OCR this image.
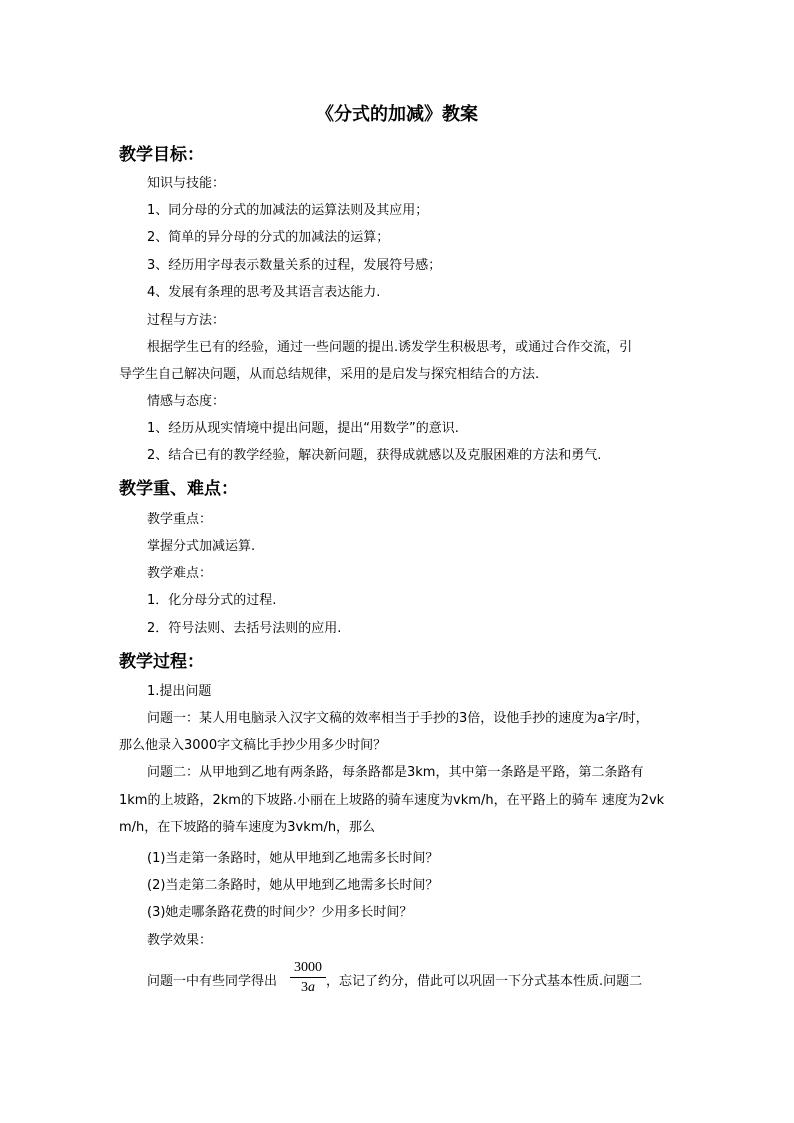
《分式的加减》教案
教学目标：
知识与技能：
1、同分母的分式的加减法的运算法则及其应用；
2、简单的异分母的分式的加减法的运算；
3、经历用字母表示数量关系的过程，发展符号感；
4、发展有条理的思考及其语言表达能力.
过程与方法：
根据学生已有的经验，通过一些问题的提出.诱发学生积极思考，或通过合作交流，引
导学生自己解决问题，从而总结规律，采用的是启发与探究相结合的方法.
情感与态度：
1、经历从现实情境中提出问题，提出“用数学”的意识.
2、结合已有的教学经验，解决新问题，获得成就感以及克服困难的方法和勇气.
教学重、难点：
教学重点：
掌握分式加减运算.
教学难点：
1．化分母分式的过程.
2．符号法则、去括号法则的应用.
教学过程：
1.提出问题
问题一：某人用电脑录入汉字文稿的效率相当于手抄的3倍，设他手抄的速度为a字/时，
那么他录入3000字文稿比手抄少用多少时间？
问题二：从甲地到乙地有两条路，每条路都是3km，其中第一条路是平路，第二条路有
1km的上坡路，2km的下坡路.小丽在上坡路的骑车速度为vkm/h，在平路上的骑车 速度为2vk
m/h，在下坡路的骑车速度为3vkm/h，那么
(1)当走第一条路时，她从甲地到乙地需多长时间？
(2)当走第二条路时，她从甲地到乙地需多长时间？
(3)她走哪条路花费的时间少？少用多长时间？
教学效果：
问题一中有些同学得出
3000
3a ，忘记了约分，借此可以巩固一下分式基本性质.问题二
